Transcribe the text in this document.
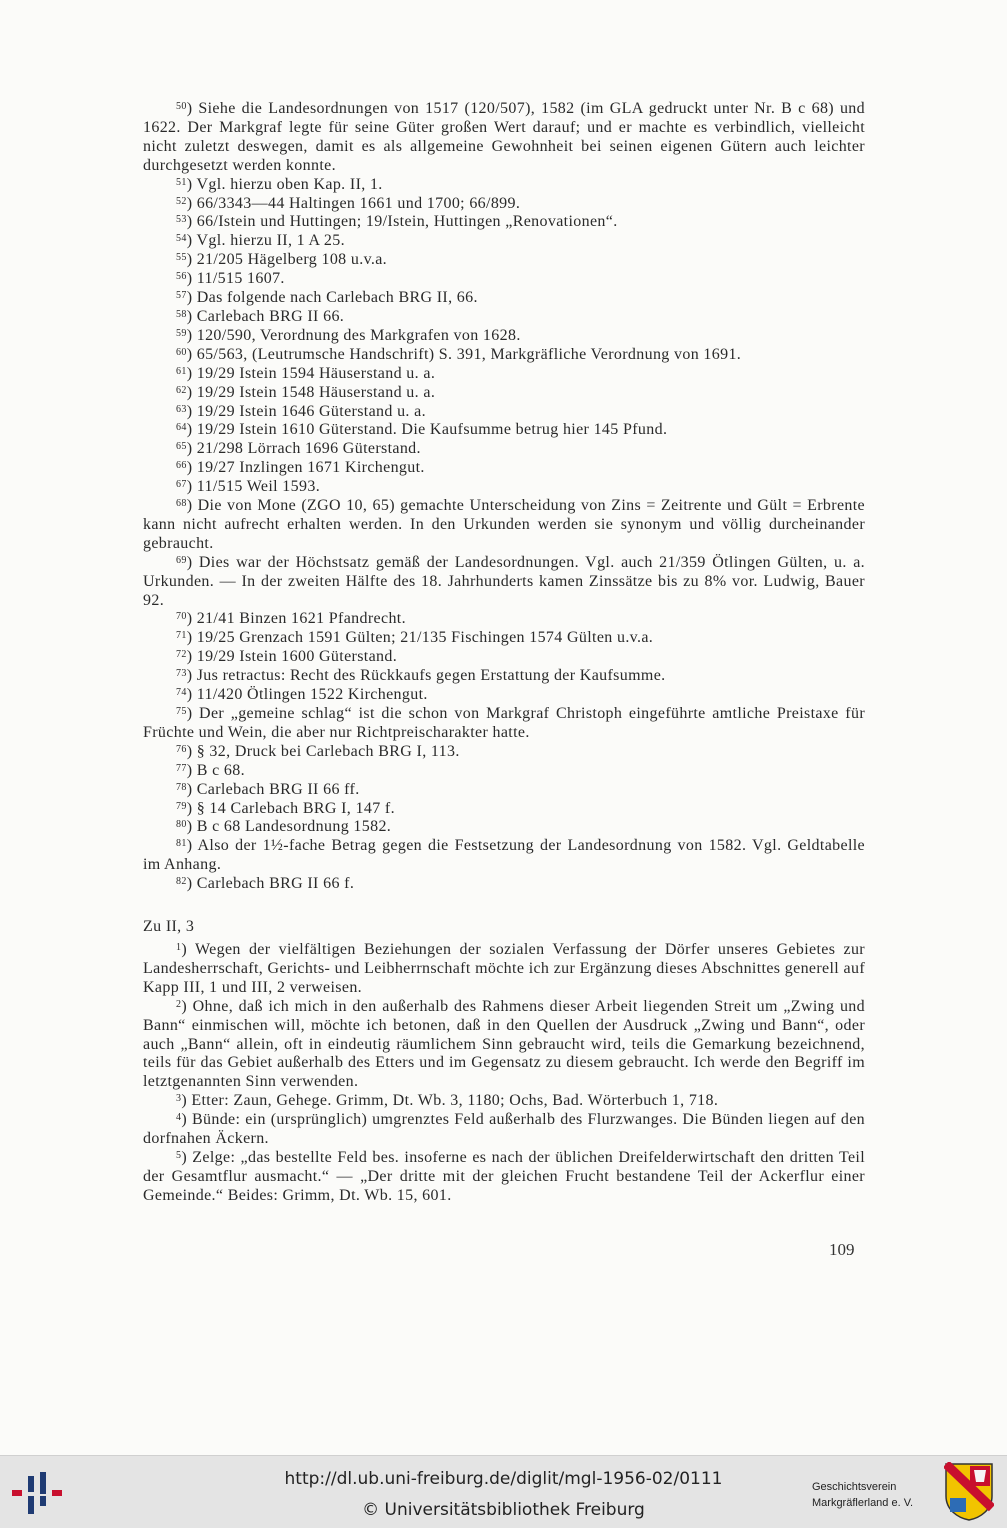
$^{50}$) Siehe die Landesordnungen von 1517 (120/507), 1582 (im GLA gedruckt unter Nr. B c 68) und 1622. Der Markgraf legte für seine Güter großen Wert darauf; und er machte es verbindlich, vielleicht nicht zuletzt deswegen, damit es als allgemeine Gewohnheit bei seinen eigenen Gütern auch leichter durchgesetzt werden konnte.

$^{51}$) Vgl. hierzu oben Kap. II, 1.

$^{52}$) 66/3343—44 Haltingen 1661 und 1700; 66/899.

$^{53}$) 66/Istein und Huttingen; 19/Istein, Huttingen „Renovationen“.

$^{54}$) Vgl. hierzu II, 1 A 25.

$^{55}$) 21/205 Hägelberg 108 u.v.a.

$^{56}$) 11/515 1607.

$^{57}$) Das folgende nach Carlebach BRG II, 66.

$^{58}$) Carlebach BRG II 66.

$^{59}$) 120/590, Verordnung des Markgrafen von 1628.

$^{60}$) 65/563, (Leutrumsche Handschrift) S. 391, Markgräfliche Verordnung von 1691.

$^{61}$) 19/29 Istein 1594 Häuserstand u. a.

$^{62}$) 19/29 Istein 1548 Häuserstand u. a.

$^{63}$) 19/29 Istein 1646 Güterstand u. a.

$^{64}$) 19/29 Istein 1610 Güterstand. Die Kaufsumme betrug hier 145 Pfund.

$^{65}$) 21/298 Lörrach 1696 Güterstand.

$^{66}$) 19/27 Inzlingen 1671 Kirchengut.

$^{67}$) 11/515 Weil 1593.

$^{68}$) Die von Mone (ZGO 10, 65) gemachte Unterscheidung von Zins = Zeitrente und Gült = Erbrente kann nicht aufrecht erhalten werden. In den Urkunden werden sie synonym und völlig durcheinander gebraucht.

$^{69}$) Dies war der Höchstsatz gemäß der Landesordnungen. Vgl. auch 21/359 Ötlingen Gülten, u. a. Urkunden. — In der zweiten Hälfte des 18. Jahrhunderts kamen Zinssätze bis zu 8% vor. Ludwig, Bauer 92.

$^{70}$) 21/41 Binzen 1621 Pfandrecht.

$^{71}$) 19/25 Grenzach 1591 Gülten; 21/135 Fischingen 1574 Gülten u.v.a.

$^{72}$) 19/29 Istein 1600 Güterstand.

$^{73}$) Jus retractus: Recht des Rückkaufs gegen Erstattung der Kaufsumme.

$^{74}$) 11/420 Ötlingen 1522 Kirchengut.

$^{75}$) Der „gemeine schlag“ ist die schon von Markgraf Christoph eingeführte amtliche Preistaxe für Früchte und Wein, die aber nur Richtpreischarakter hatte.

$^{76}$) § 32, Druck bei Carlebach BRG I, 113.

$^{77}$) B c 68.

$^{78}$) Carlebach BRG II 66 ff.

$^{79}$) § 14 Carlebach BRG I, 147 f.

$^{80}$) B c 68 Landesordnung 1582.

$^{81}$) Also der 1½-fache Betrag gegen die Festsetzung der Landesordnung von 1582. Vgl. Geldtabelle im Anhang.

$^{82}$) Carlebach BRG II 66 f.

Zu II, 3

$^1$) Wegen der vielfältigen Beziehungen der sozialen Verfassung der Dörfer unseres Gebietes zur Landesherrschaft, Gerichts- und Leibherrnschaft möchte ich zur Ergänzung dieses Abschnittes generell auf Kapp III, 1 und III, 2 verweisen.

$^2$) Ohne, daß ich mich in den außerhalb des Rahmens dieser Arbeit liegenden Streit um „Zwing und Bann“ einmischen will, möchte ich betonen, daß in den Quellen der Ausdruck „Zwing und Bann“, oder auch „Bann“ allein, oft in eindeutig räumlichem Sinn gebraucht wird, teils die Gemarkung bezeichnend, teils für das Gebiet außerhalb des Etters und im Gegensatz zu diesem gebraucht. Ich werde den Begriff im letztgenannten Sinn verwenden.

$^3$) Etter: Zaun, Gehege. Grimm, Dt. Wb. 3, 1180; Ochs, Bad. Wörterbuch 1, 718.

$^4$) Bünde: ein (ursprünglich) umgrenztes Feld außerhalb des Flurzwanges. Die Bünden liegen auf den dorfnahen Äckern.

$^5$) Zelge: „das bestellte Feld bes. insoferne es nach der üblichen Dreifelderwirtschaft den dritten Teil der Gesamtflur ausmacht.“ — „Der dritte mit der gleichen Frucht bestandene Teil der Ackerflur einer Gemeinde.“ Beides: Grimm, Dt. Wb. 15, 601.

109
http://dl.ub.uni-freiburg.de/diglit/mgl-1956-02/0111
© Universitätsbibliothek Freiburg
Geschichtsverein
Markgräflerland e. V.
